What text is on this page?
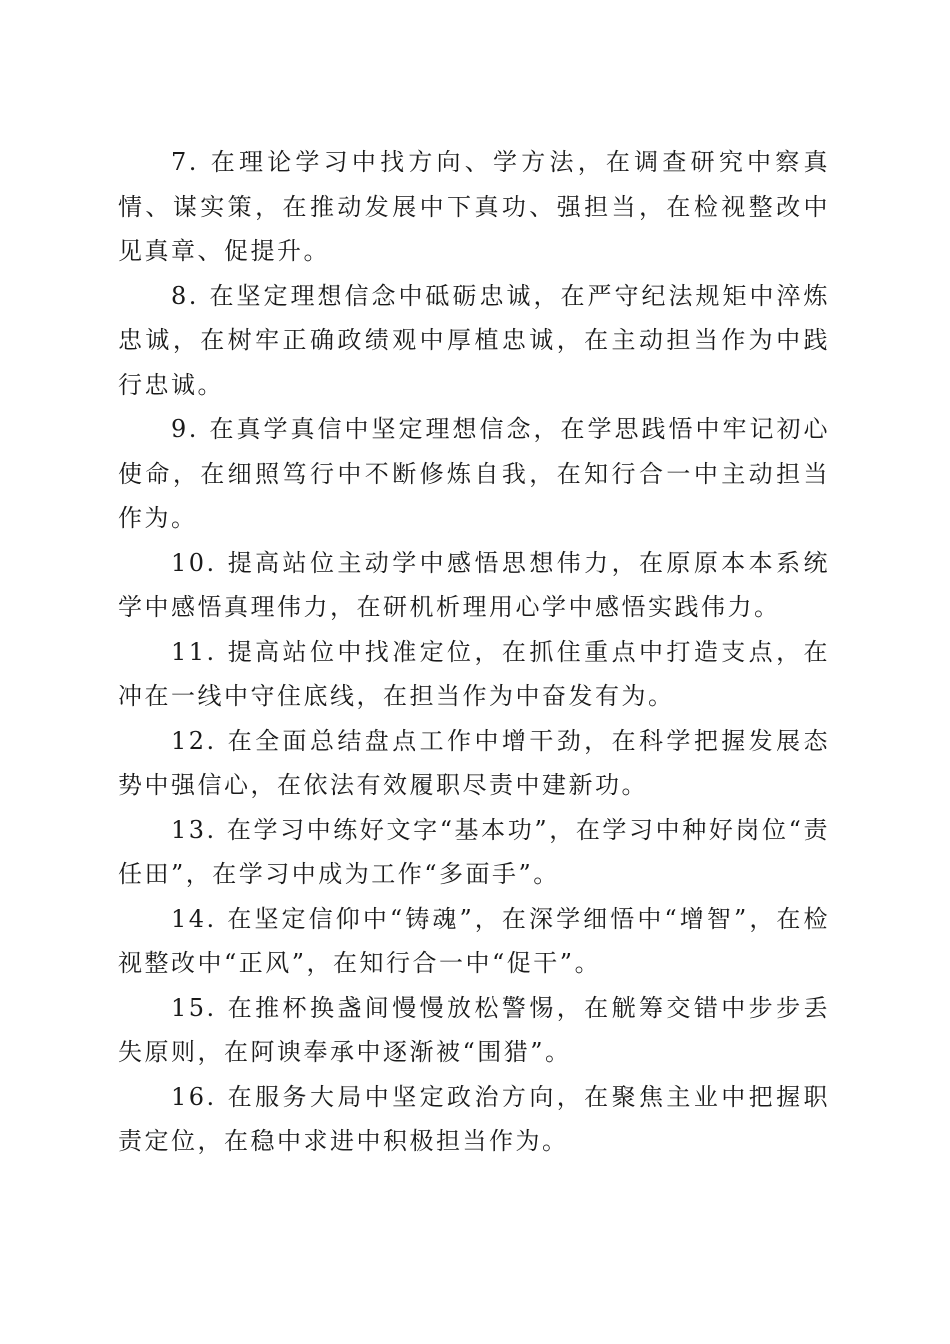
7. 在理论学习中找方向、学方法，在调查研究中察真情、谋实策，在推动发展中下真功、强担当，在检视整改中见真章、促提升。

8. 在坚定理想信念中砥砺忠诚，在严守纪法规矩中淬炼忠诚，在树牢正确政绩观中厚植忠诚，在主动担当作为中践行忠诚。

9. 在真学真信中坚定理想信念，在学思践悟中牢记初心使命，在细照笃行中不断修炼自我，在知行合一中主动担当作为。

10. 提高站位主动学中感悟思想伟力，在原原本本系统学中感悟真理伟力，在研机析理用心学中感悟实践伟力。

11. 提高站位中找准定位，在抓住重点中打造支点，在冲在一线中守住底线，在担当作为中奋发有为。

12. 在全面总结盘点工作中增干劲，在科学把握发展态势中强信心，在依法有效履职尽责中建新功。

13. 在学习中练好文字“基本功”，在学习中种好岗位“责任田”，在学习中成为工作“多面手”。

14. 在坚定信仰中“铸魂”，在深学细悟中“增智”，在检视整改中“正风”，在知行合一中“促干”。

15. 在推杯换盏间慢慢放松警惕，在觥筹交错中步步丢失原则，在阿谀奉承中逐渐被“围猎”。

16. 在服务大局中坚定政治方向，在聚焦主业中把握职责定位，在稳中求进中积极担当作为。
